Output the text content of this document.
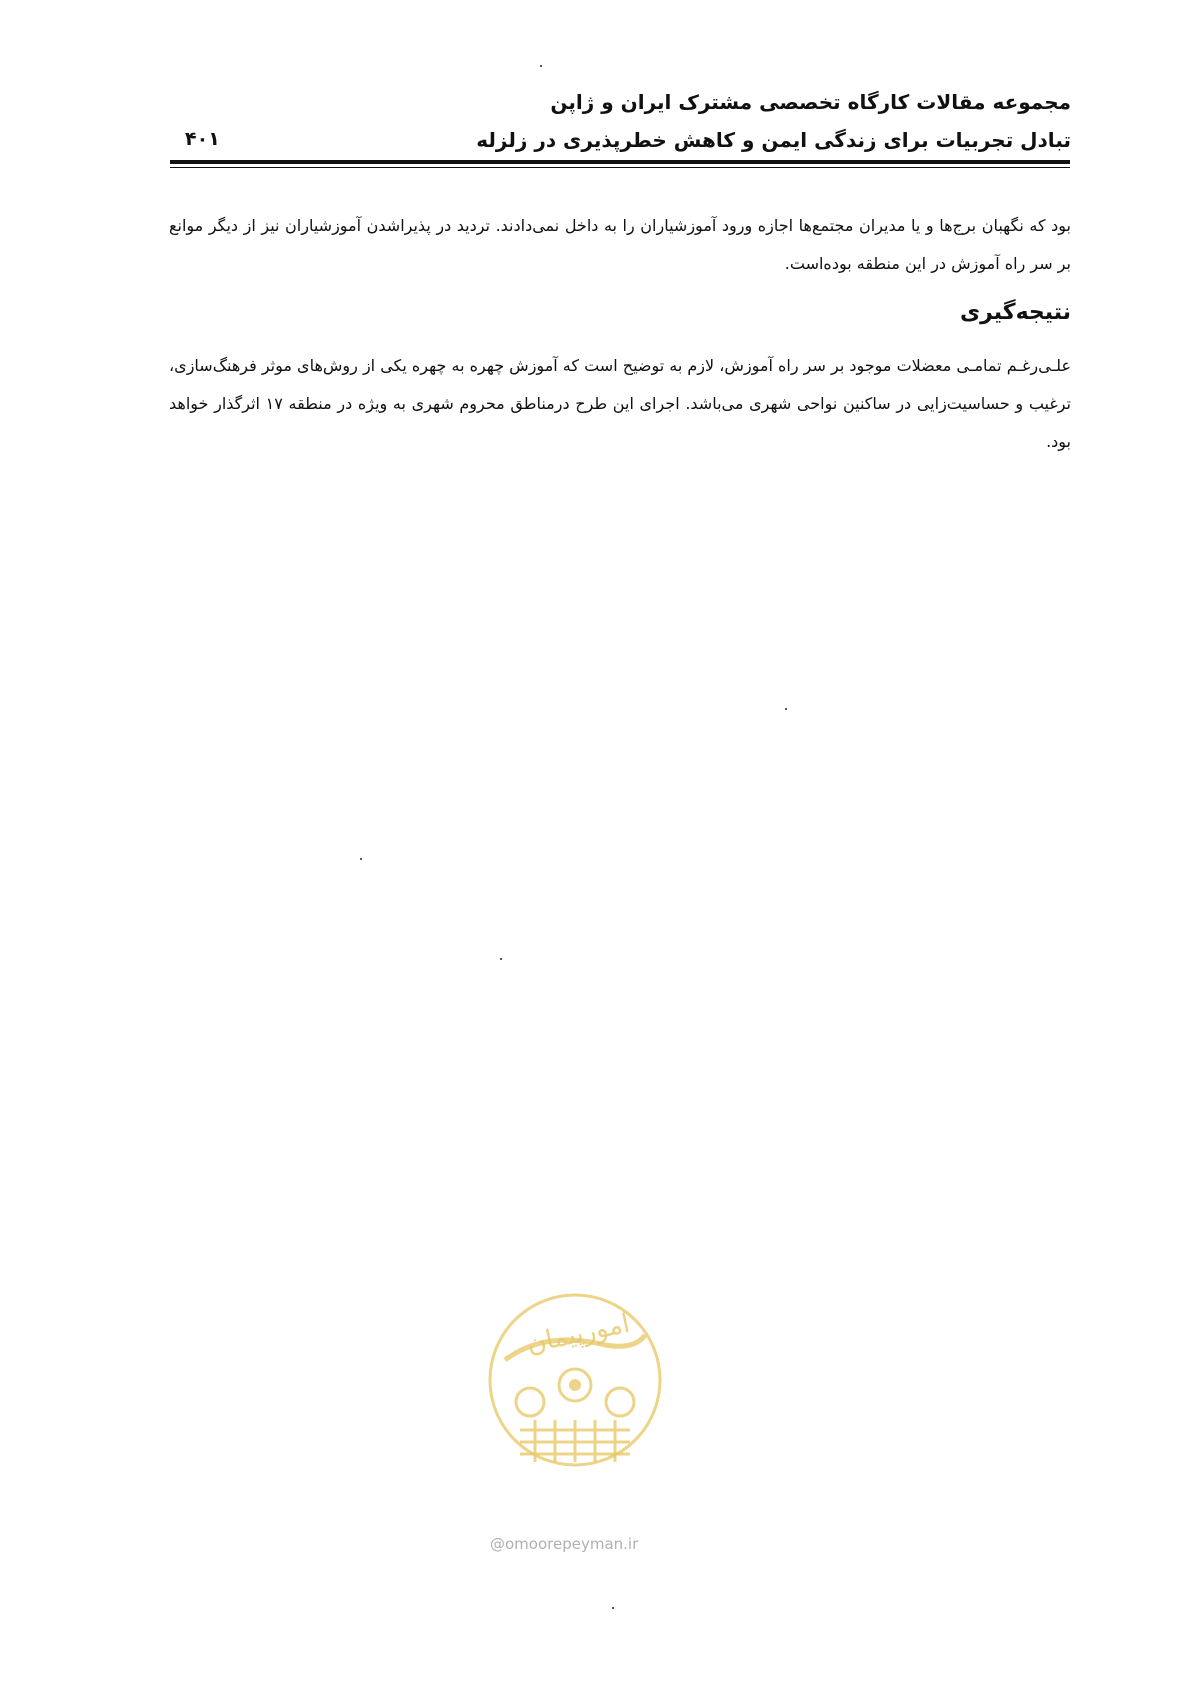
مجموعه مقالات کارگاه تخصصی مشترک ایران و ژاپن
تبادل تجربیات برای زندگی ایمن و کاهش خطرپذیری در زلزله
۴۰۱
بود که نگهبان برج‌ها و یا مدیران مجتمع‌ها اجازه ورود آموزشیاران را به داخل نمی‌دادند. تردید در پذیراشدن آموزشیاران نیز از دیگر موانع بر سر راه آموزش در این منطقه بوده‌است.
نتیجه‌گیری
علـی‌رغـم تمامـی معضلات موجود بر سر راه آموزش، لازم به توضیح است که آموزش چهره به چهره یکی از روش‌های موثر فرهنگ‌سازی، ترغیب و حساسیت‌زایی در ساکنین نواحی شهری می‌باشد. اجرای این طرح درمناطق محروم شهری به ویژه در منطقه ۱۷ اثرگذار خواهد بود.
امورپیمان
@omoorepeyman.ir
